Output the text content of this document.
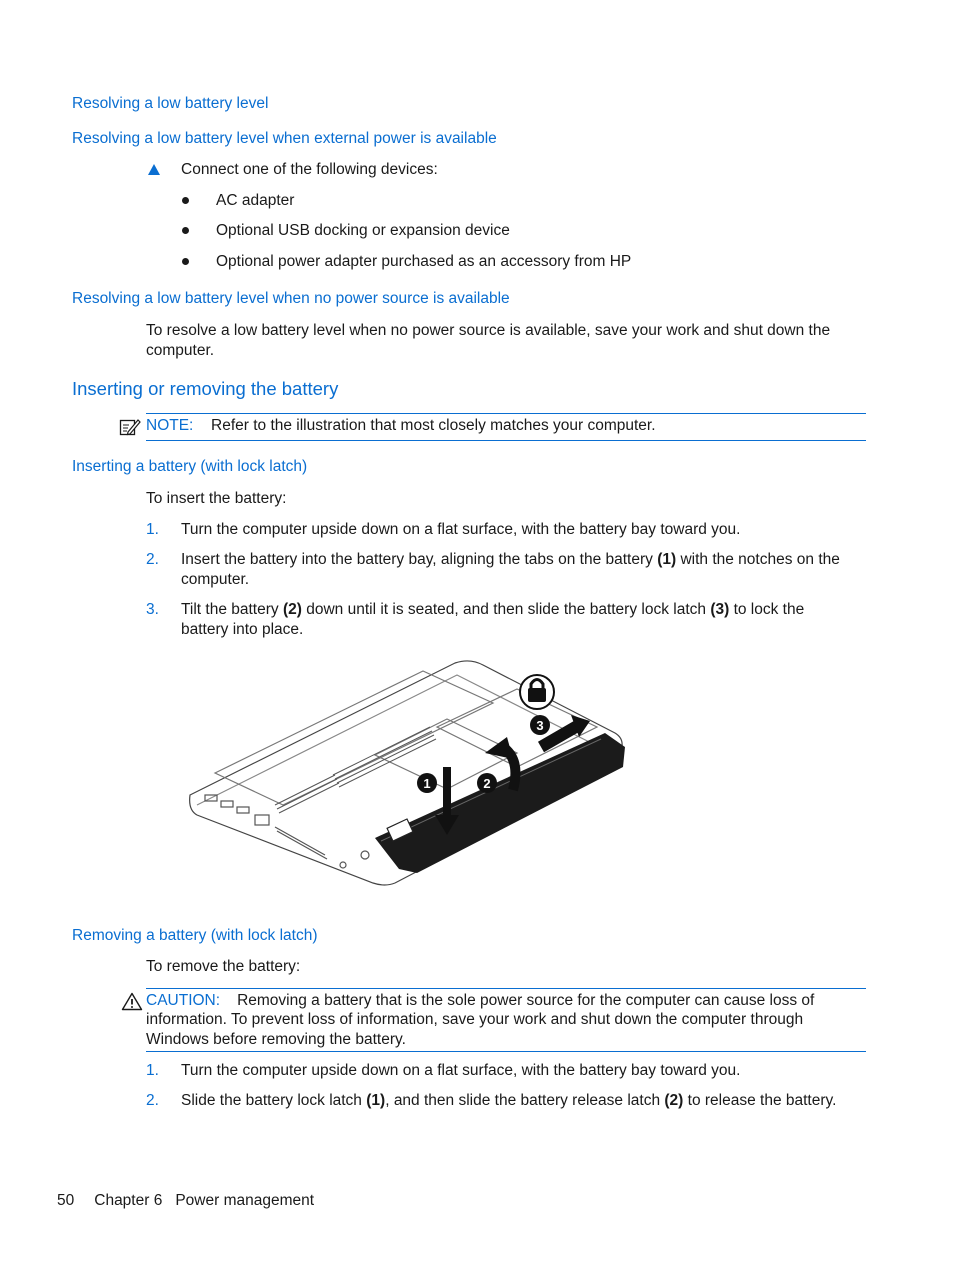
Resolving a low battery level
Resolving a low battery level when external power is available
Connect one of the following devices:
AC adapter
Optional USB docking or expansion device
Optional power adapter purchased as an accessory from HP
Resolving a low battery level when no power source is available
To resolve a low battery level when no power source is available, save your work and shut down the
computer.
Inserting or removing the battery
NOTE: Refer to the illustration that most closely matches your computer.
Inserting a battery (with lock latch)
To insert the battery:
1. Turn the computer upside down on a flat surface, with the battery bay toward you.
2. Insert the battery into the battery bay, aligning the tabs on the battery (1) with the notches on the
computer.
3. Tilt the battery (2) down until it is seated, and then slide the battery lock latch (3) to lock the
battery into place.
1	2
3
Removing a battery (with lock latch)
To remove the battery:
CAUTION: Removing a battery that is the sole power source for the computer can cause loss of
information. To prevent loss of information, save your work and shut down the computer through
Windows before removing the battery.
1. Turn the computer upside down on a flat surface, with the battery bay toward you.
2. Slide the battery lock latch (1), and then slide the battery release latch (2) to release the battery.
50 Chapter 6 Power management
